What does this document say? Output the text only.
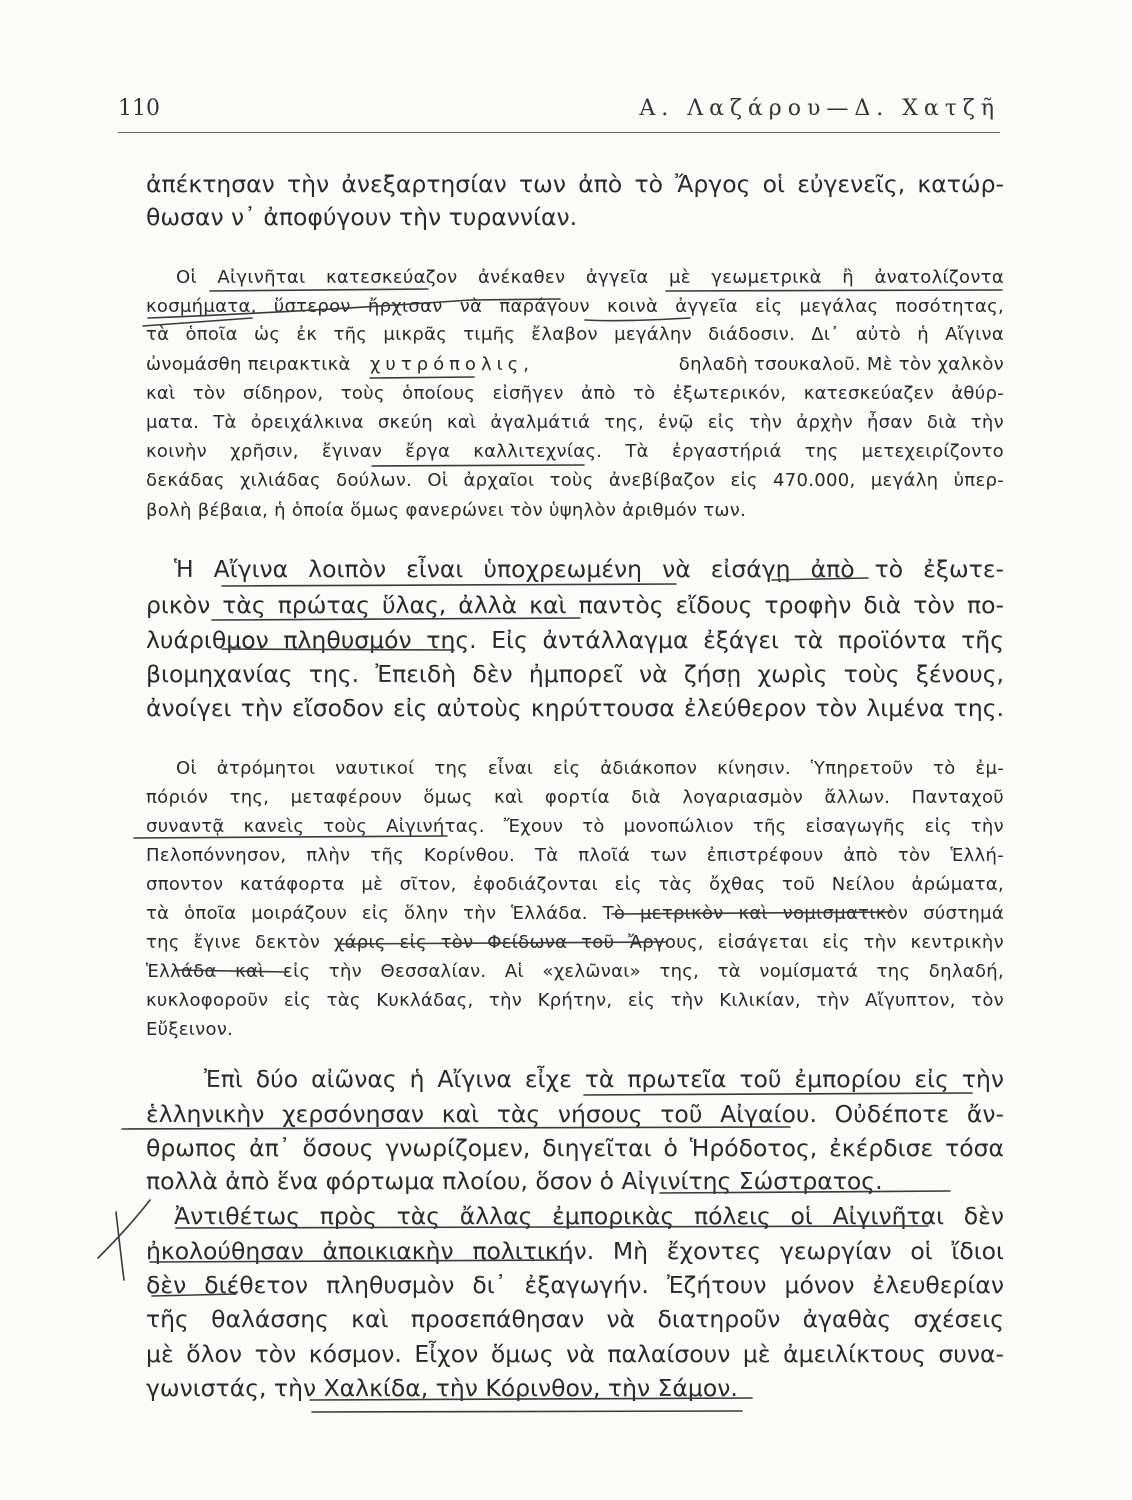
110	Α. Λαζάρου—Δ. Χατζῆ
ἀπέκτησαν τὴν ἀνεξαρτησίαν των ἀπὸ τὸ Ἄργος οἱ εὐγενεῖς, κατώρ-
θωσαν ν᾽ ἀποφύγουν τὴν τυραννίαν.
Οἱ Αἰγινῆται κατεσκεύαζον ἀνέκαθεν ἀγγεῖα μὲ γεωμετρικὰ ἢ ἀνατολίζοντα
κοσμήματα, ὕστερον ἤρχισαν νὰ παράγουν κοινὰ ἀγγεῖα εἰς μεγάλας ποσότητας,
τὰ ὁποῖα ὡς ἐκ τῆς μικρᾶς τιμῆς ἔλαβον μεγάλην διάδοσιν. Δι᾽ αὐτὸ ἡ Αἴγινα
ὠνομάσθη πειρακτικὰ χυτρόπολις,	δηλαδὴ τσουκαλοῦ. Μὲ τὸν χαλκὸν
καὶ τὸν σίδηρον, τοὺς ὁποίους εἰσῆγεν ἀπὸ τὸ ἐξωτερικόν, κατεσκεύαζεν ἀθύρ-
ματα. Τὰ ὀρειχάλκινα σκεύη καὶ ἀγαλμάτιά της, ἐνῷ εἰς τὴν ἀρχὴν ἦσαν διὰ τὴν
κοινὴν χρῆσιν, ἔγιναν ἔργα καλλιτεχνίας. Τὰ ἐργαστήριά της μετεχειρίζοντο
δεκάδας χιλιάδας δούλων. Οἱ ἀρχαῖοι τοὺς ἀνεβίβαζον εἰς 470.000, μεγάλη ὑπερ-
βολὴ βέβαια, ἡ ὁποία ὅμως φανερώνει τὸν ὑψηλὸν ἀριθμόν των.
Ἡ Αἴγινα λοιπὸν εἶναι ὑποχρεωμένη νὰ εἰσάγῃ ἀπὸ τὸ ἐξωτε-
ρικὸν τὰς πρώτας ὕλας, ἀλλὰ καὶ παντὸς εἴδους τροφὴν διὰ τὸν πο-
λυάριθμον πληθυσμόν της. Εἰς ἀντάλλαγμα ἐξάγει τὰ προϊόντα τῆς
βιομηχανίας της. Ἐπειδὴ δὲν ἠμπορεῖ νὰ ζήσῃ χωρὶς τοὺς ξένους,
ἀνοίγει τὴν εἴσοδον εἰς αὐτοὺς κηρύττουσα ἐλεύθερον τὸν λιμένα της.
Οἱ ἀτρόμητοι ναυτικοί της εἶναι εἰς ἀδιάκοπον κίνησιν. Ὑπηρετοῦν τὸ ἐμ-
πόριόν της, μεταφέρουν ὅμως καὶ φορτία διὰ λογαριασμὸν ἄλλων. Πανταχοῦ
συναντᾷ κανεὶς τοὺς Αἰγινήτας. Ἔχουν τὸ μονοπώλιον τῆς εἰσαγωγῆς εἰς τὴν
Πελοπόννησον, πλὴν τῆς Κορίνθου. Τὰ πλοῖά των ἐπιστρέφουν ἀπὸ τὸν Ἑλλή-
σποντον κατάφορτα μὲ σῖτον, ἐφοδιάζονται εἰς τὰς ὄχθας τοῦ Νείλου ἀρώματα,
τὰ ὁποῖα μοιράζουν εἰς ὅλην τὴν Ἑλλάδα. Τὸ μετρικὸν καὶ νομισματικὸν σύστημά
της ἔγινε δεκτὸν χάρις εἰς τὸν Φείδωνα τοῦ Ἄργους, εἰσάγεται εἰς τὴν κεντρικὴν
Ἑλλάδα καὶ εἰς τὴν Θεσσαλίαν. Αἱ «χελῶναι» της, τὰ νομίσματά της δηλαδή,
κυκλοφοροῦν εἰς τὰς Κυκλάδας, τὴν Κρήτην, εἰς τὴν Κιλικίαν, τὴν Αἴγυπτον, τὸν
Εὔξεινον.
Ἐπὶ δύο αἰῶνας ἡ Αἴγινα εἶχε τὰ πρωτεῖα τοῦ ἐμπορίου εἰς τὴν
ἑλληνικὴν χερσόνησαν καὶ τὰς νήσους τοῦ Αἰγαίου. Οὐδέποτε ἄν-
θρωπος ἀπ᾽ ὅσους γνωρίζομεν, διηγεῖται ὁ Ἡρόδοτος, ἐκέρδισε τόσα
πολλὰ ἀπὸ ἕνα φόρτωμα πλοίου, ὅσον ὁ Αἰγινίτης Σώστρατος.
Ἀντιθέτως πρὸς τὰς ἄλλας ἐμπορικὰς πόλεις οἱ Αἰγινῆται δὲν
ἠκολούθησαν ἀποικιακὴν πολιτικήν. Μὴ ἔχοντες γεωργίαν οἱ ἴδιοι
δὲν διέθετον πληθυσμὸν δι᾽ ἐξαγωγήν. Ἐζήτουν μόνον ἐλευθερίαν
τῆς θαλάσσης καὶ προσεπάθησαν νὰ διατηροῦν ἀγαθὰς σχέσεις
μὲ ὅλον τὸν κόσμον. Εἶχον ὅμως νὰ παλαίσουν μὲ ἀμειλίκτους συνα-
γωνιστάς, τὴν Χαλκίδα, τὴν Κόρινθον, τὴν Σάμον.
